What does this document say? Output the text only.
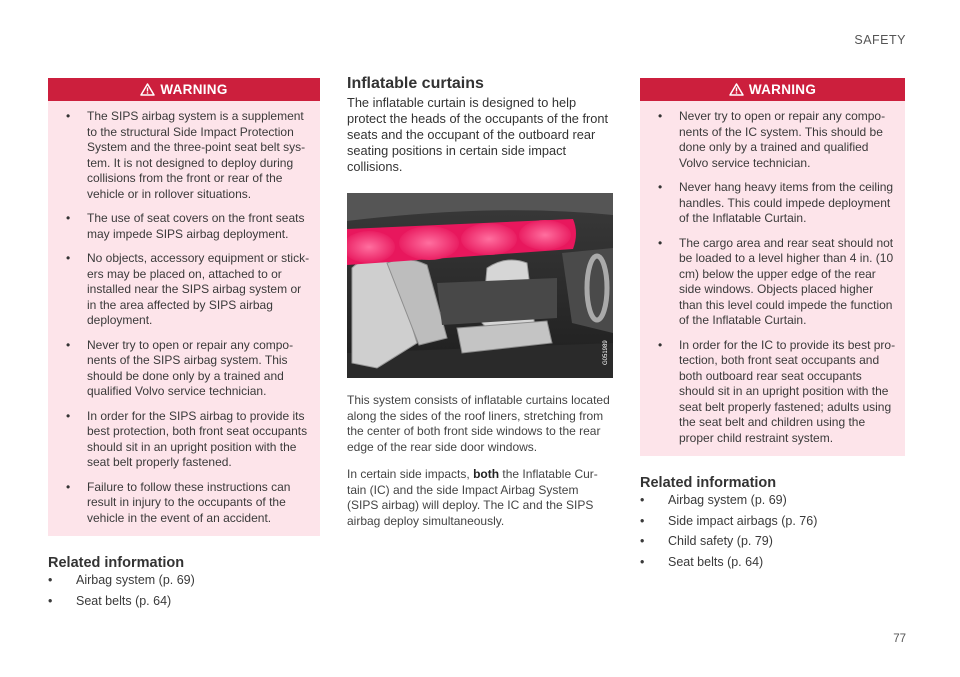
SAFETY
WARNING
• The SIPS airbag system is a supplement to the structural Side Impact Protection System and the three-point seat belt sys-tem. It is not designed to deploy during collisions from the front or rear of the vehicle or in rollover situations.
• The use of seat covers on the front seats may impede SIPS airbag deployment.
• No objects, accessory equipment or stick-ers may be placed on, attached to or installed near the SIPS airbag system or in the area affected by SIPS airbag deployment.
• Never try to open or repair any compo-nents of the SIPS airbag system. This should be done only by a trained and qualified Volvo service technician.
• In order for the SIPS airbag to provide its best protection, both front seat occupants should sit in an upright position with the seat belt properly fastened.
• Failure to follow these instructions can result in injury to the occupants of the vehicle in the event of an accident.
Related information
• Airbag system (p. 69)
• Seat belts (p. 64)
Inflatable curtains

The inflatable curtain is designed to help protect the heads of the occupants of the front seats and the occupant of the outboard rear seating positions in certain side impact collisions.

G051989

This system consists of inflatable curtains located along the sides of the roof liners, stretching from the center of both front side windows to the rear edge of the rear side door windows.

In certain side impacts, both the Inflatable Cur-tain (IC) and the side Impact Airbag System (SIPS airbag) will deploy. The IC and the SIPS airbag deploy simultaneously.

WARNING
• Never try to open or repair any compo-nents of the IC system. This should be done only by a trained and qualified Volvo service technician.
• Never hang heavy items from the ceiling handles. This could impede deployment of the Inflatable Curtain.
• The cargo area and rear seat should not be loaded to a level higher than 4 in. (10 cm) below the upper edge of the rear side windows. Objects placed higher than this level could impede the function of the Inflatable Curtain.
• In order for the IC to provide its best pro-tection, both front seat occupants and both outboard rear seat occupants should sit in an upright position with the seat belt properly fastened; adults using the seat belt and children using the proper child restraint system.
Related information
• Airbag system (p. 69)
• Side impact airbags (p. 76)
• Child safety (p. 79)
• Seat belts (p. 64)
77
